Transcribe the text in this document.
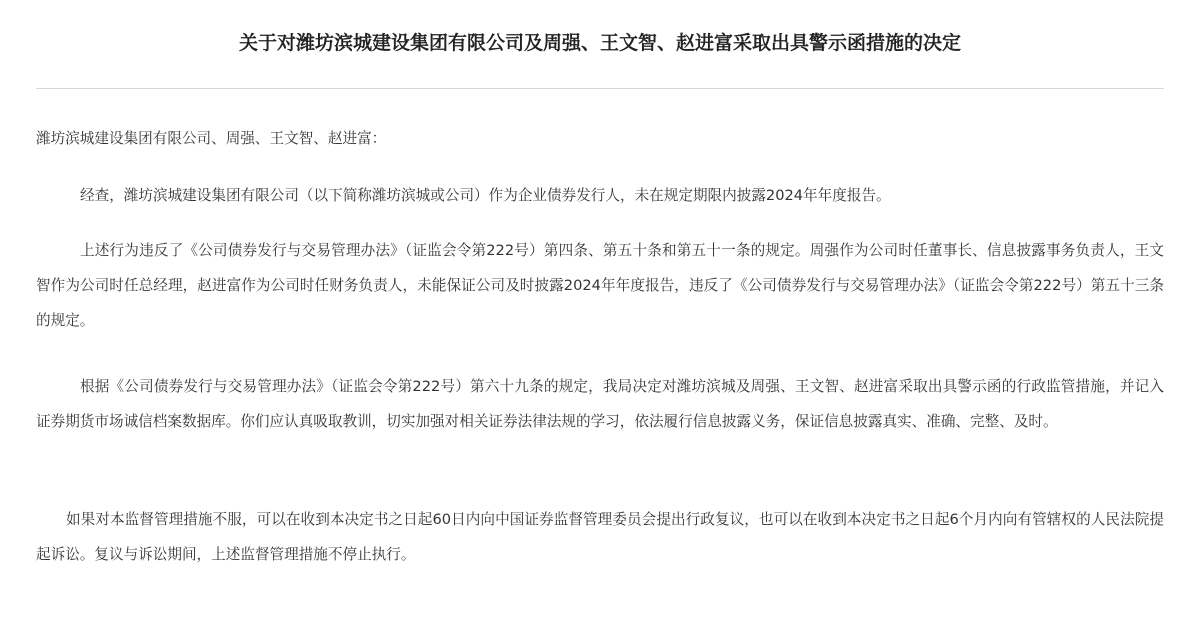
关于对潍坊滨城建设集团有限公司及周强、王文智、赵进富采取出具警示函措施的决定

潍坊滨城建设集团有限公司、周强、王文智、赵进富：

经查，潍坊滨城建设集团有限公司（以下简称潍坊滨城或公司）作为企业债券发行人，未在规定期限内披露2024年年度报告。

上述行为违反了《公司债券发行与交易管理办法》（证监会令第222号）第四条、第五十条和第五十一条的规定。周强作为公司时任董事长、信息披露事务负责人，王文智作为公司时任总经理，赵进富作为公司时任财务负责人，未能保证公司及时披露2024年年度报告，违反了《公司债券发行与交易管理办法》（证监会令第222号）第五十三条的规定。

根据《公司债券发行与交易管理办法》（证监会令第222号）第六十九条的规定，我局决定对潍坊滨城及周强、王文智、赵进富采取出具警示函的行政监管措施，并记入证券期货市场诚信档案数据库。你们应认真吸取教训，切实加强对相关证券法律法规的学习，依法履行信息披露义务，保证信息披露真实、准确、完整、及时。

如果对本监督管理措施不服，可以在收到本决定书之日起60日内向中国证券监督管理委员会提出行政复议，也可以在收到本决定书之日起6个月内向有管辖权的人民法院提起诉讼。复议与诉讼期间，上述监督管理措施不停止执行。
